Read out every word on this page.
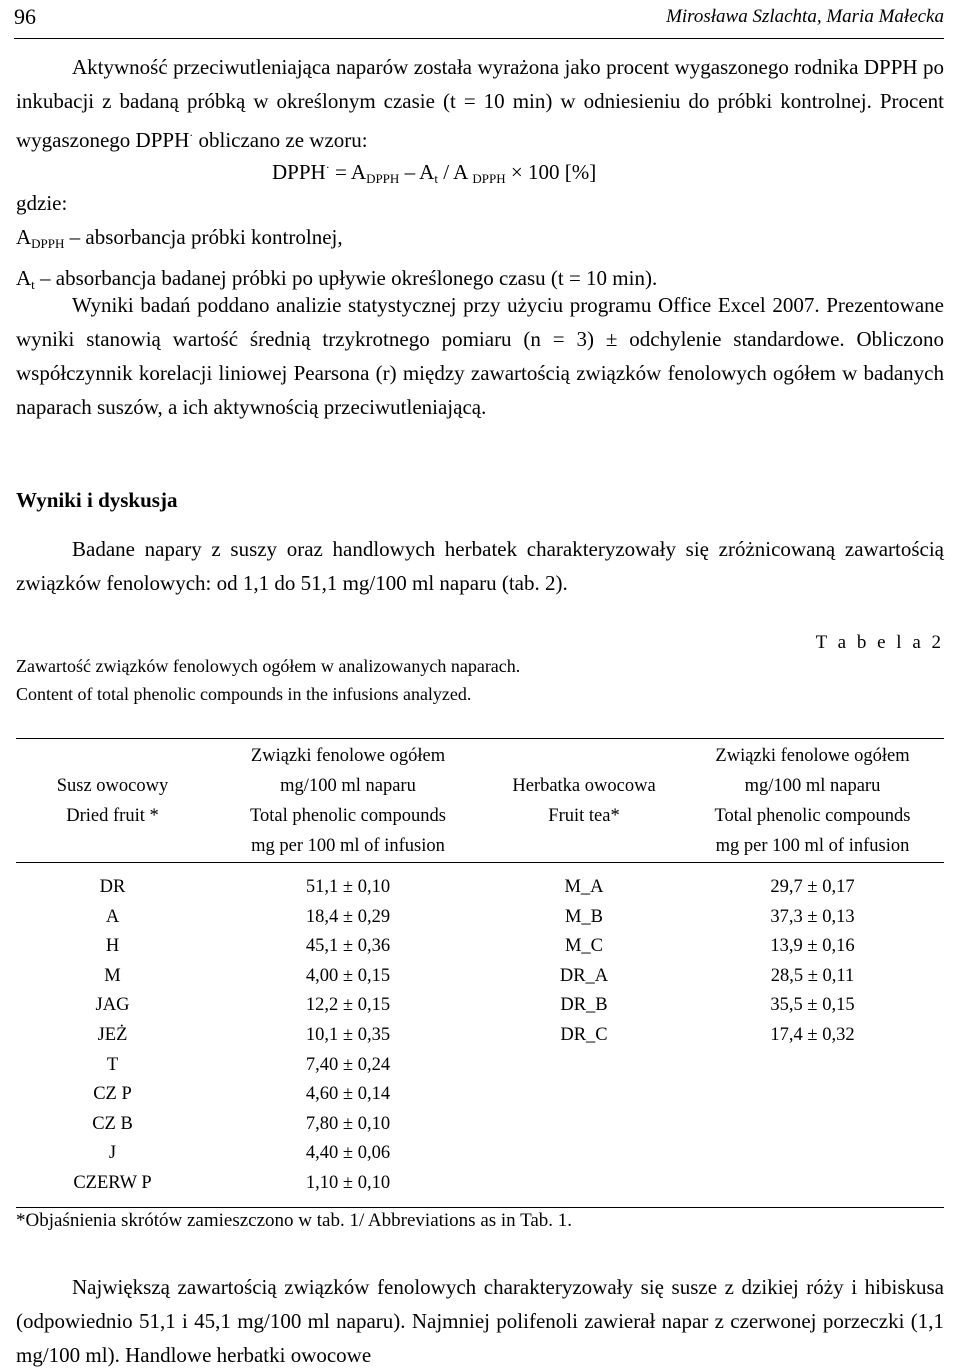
96	Mirosława Szlachta, Maria Małecka

Aktywność przeciwutleniająca naparów została wyrażona jako procent wygaszonego rodnika DPPH po inkubacji z badaną próbką w określonym czasie (t = 10 min) w odniesieniu do próbki kontrolnej. Procent wygaszonego DPPH· obliczano ze wzoru:

DPPH· = $A_{DPPH} - A_t$ / A $_{DPPH}$ × 100 [%]

gdzie:
$A_{DPPH}$ – absorbancja próbki kontrolnej,
$A_t$ – absorbancja badanej próbki po upływie określonego czasu (t = 10 min).

Wyniki badań poddano analizie statystycznej przy użyciu programu Office Excel 2007. Prezentowane wyniki stanowią wartość średnią trzykrotnego pomiaru (n = 3) ± odchylenie standardowe. Obliczono współczynnik korelacji liniowej Pearsona (r) między zawartością związków fenolowych ogółem w badanych naparach suszów, a ich aktywnością przeciwutleniającą.

Wyniki i dyskusja

Badane napary z suszy oraz handlowych herbatek charakteryzowały się zróżnicowaną zawartością związków fenolowych: od 1,1 do 51,1 mg/100 ml naparu (tab. 2).

T a b e l a 2
Zawartość związków fenolowych ogółem w analizowanych naparach.
Content of total phenolic compounds in the infusions analyzed.
Susz owocowy
Dried fruit *	Związki fenolowe ogółem
mg/100 ml naparu
Total phenolic compounds
mg per 100 ml of infusion	Herbatka owocowa
Fruit tea*	Związki fenolowe ogółem
mg/100 ml naparu
Total phenolic compounds
mg per 100 ml of infusion
DR	51,1 ± 0,10	M_A	29,7 ± 0,17
A	18,4 ± 0,29	M_B	37,3 ± 0,13
H	45,1 ± 0,36	M_C	13,9 ± 0,16
M	4,00 ± 0,15	DR_A	28,5 ± 0,11
JAG	12,2 ± 0,15	DR_B	35,5 ± 0,15
JEŻ	10,1 ± 0,35	DR_C	17,4 ± 0,32
T	7,40 ± 0,24		
CZ P	4,60 ± 0,14		
CZ B	7,80 ± 0,10		
J	4,40 ± 0,06		
CZERW P	1,10 ± 0,10		
*Objaśnienia skrótów zamieszczono w tab. 1/ Abbreviations as in Tab. 1.

Największą zawartością związków fenolowych charakteryzowały się susze z dzikiej róży i hibiskusa (odpowiednio 51,1 i 45,1 mg/100 ml naparu). Najmniej polifenoli zawierał napar z czerwonej porzeczki (1,1 mg/100 ml). Handlowe herbatki owocowe
